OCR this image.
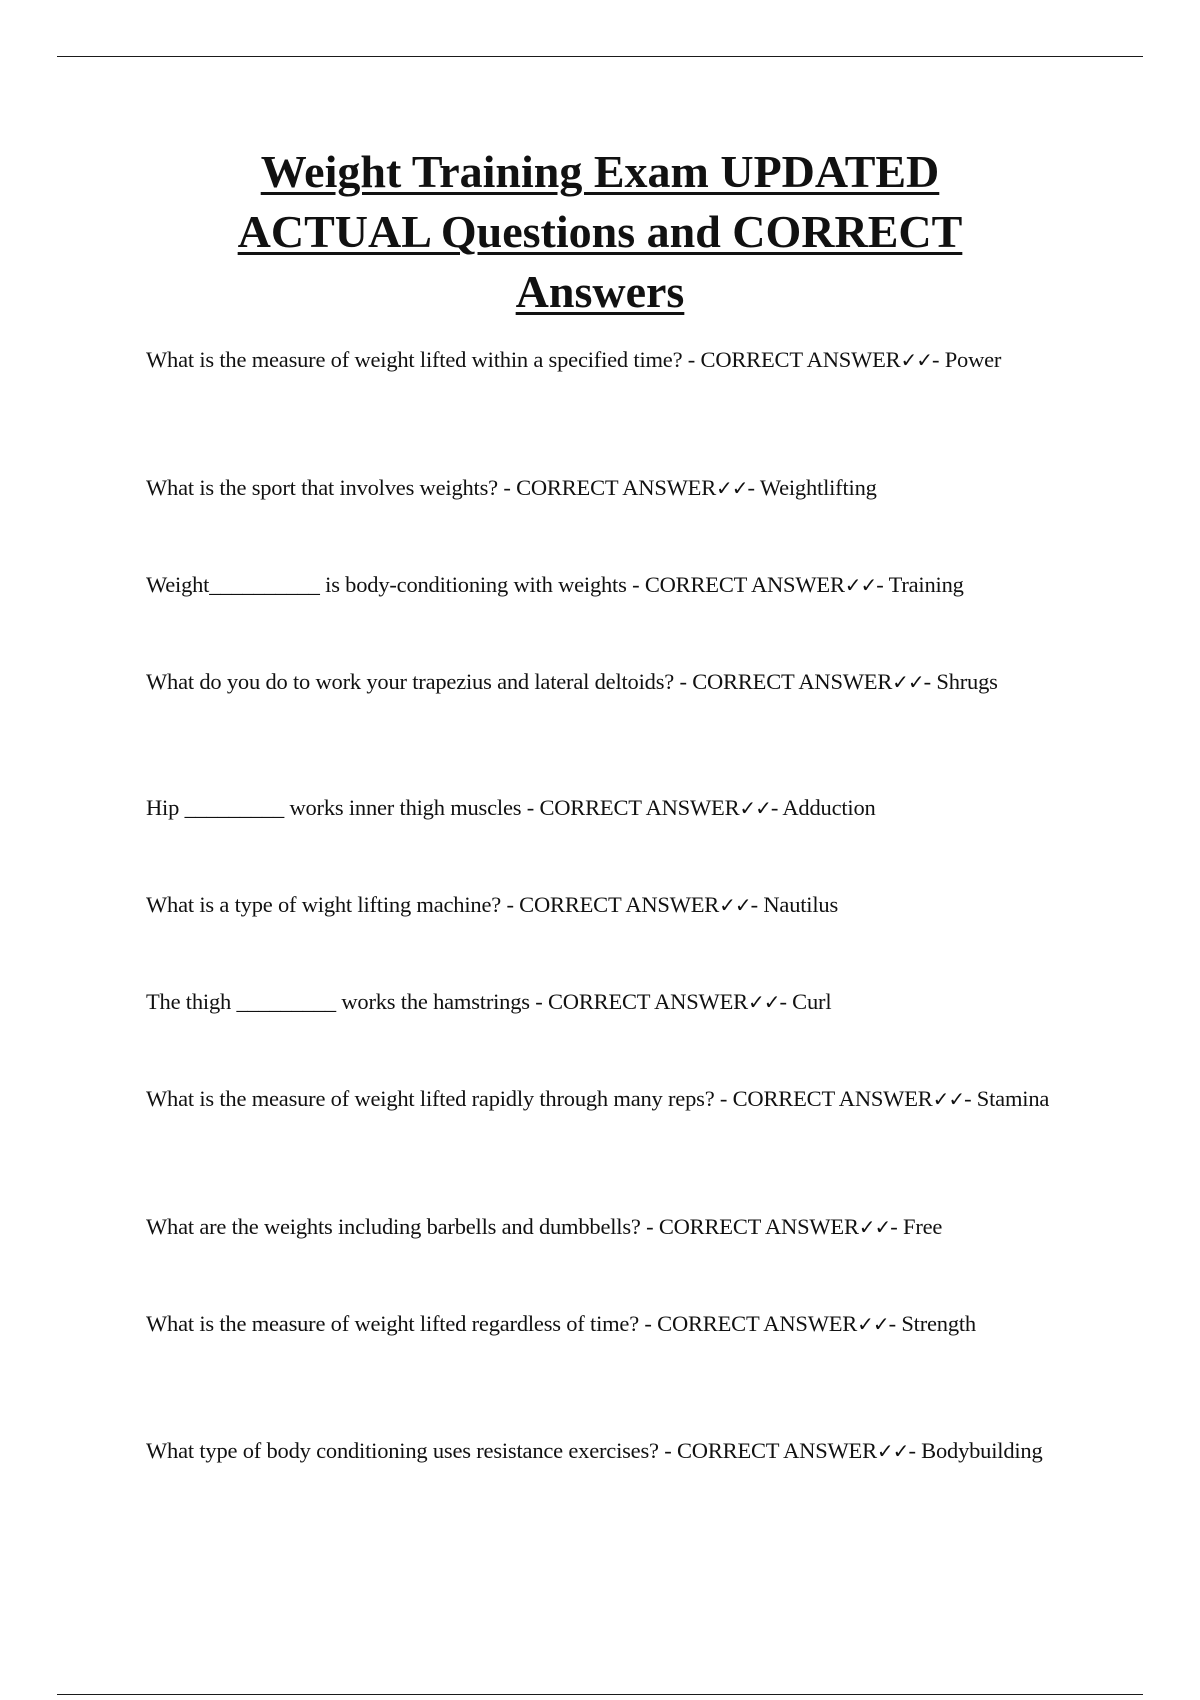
Weight Training Exam UPDATED
ACTUAL Questions and CORRECT
Answers

What is the measure of weight lifted within a specified time? - CORRECT ANSWER✓✓- Power

What is the sport that involves weights? - CORRECT ANSWER✓✓- Weightlifting

Weight__________ is body-conditioning with weights - CORRECT ANSWER✓✓- Training

What do you do to work your trapezius and lateral deltoids? - CORRECT ANSWER✓✓- Shrugs

Hip _________ works inner thigh muscles - CORRECT ANSWER✓✓- Adduction

What is a type of wight lifting machine? - CORRECT ANSWER✓✓- Nautilus

The thigh _________ works the hamstrings - CORRECT ANSWER✓✓- Curl

What is the measure of weight lifted rapidly through many reps? - CORRECT ANSWER✓✓- Stamina

What are the weights including barbells and dumbbells? - CORRECT ANSWER✓✓- Free

What is the measure of weight lifted regardless of time? - CORRECT ANSWER✓✓- Strength

What type of body conditioning uses resistance exercises? - CORRECT ANSWER✓✓- Bodybuilding
